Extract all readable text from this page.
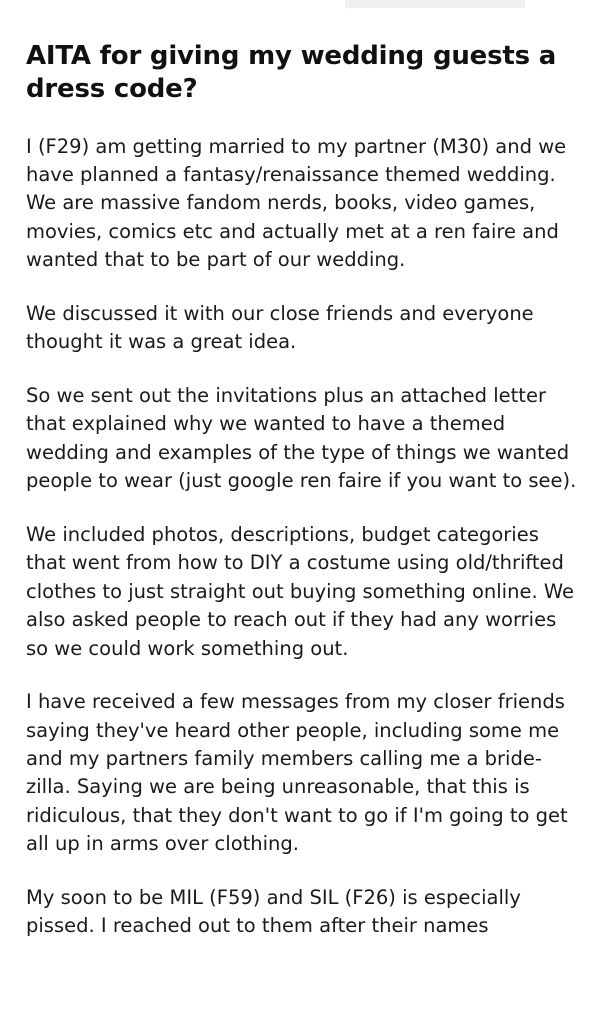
AITA for giving my wedding guests a dress code?

I (F29) am getting married to my partner (M30) and we have planned a fantasy/renaissance themed wedding. We are massive fandom nerds, books, video games, movies, comics etc and actually met at a ren faire and wanted that to be part of our wedding.

We discussed it with our close friends and everyone thought it was a great idea.

So we sent out the invitations plus an attached letter that explained why we wanted to have a themed wedding and examples of the type of things we wanted people to wear (just google ren faire if you want to see).

We included photos, descriptions, budget categories that went from how to DIY a costume using old/thrifted clothes to just straight out buying something online. We also asked people to reach out if they had any worries so we could work something out.

I have received a few messages from my closer friends saying they've heard other people, including some me and my partners family members calling me a bride-zilla. Saying we are being unreasonable, that this is ridiculous, that they don't want to go if I'm going to get all up in arms over clothing.

My soon to be MIL (F59) and SIL (F26) is especially pissed. I reached out to them after their names
